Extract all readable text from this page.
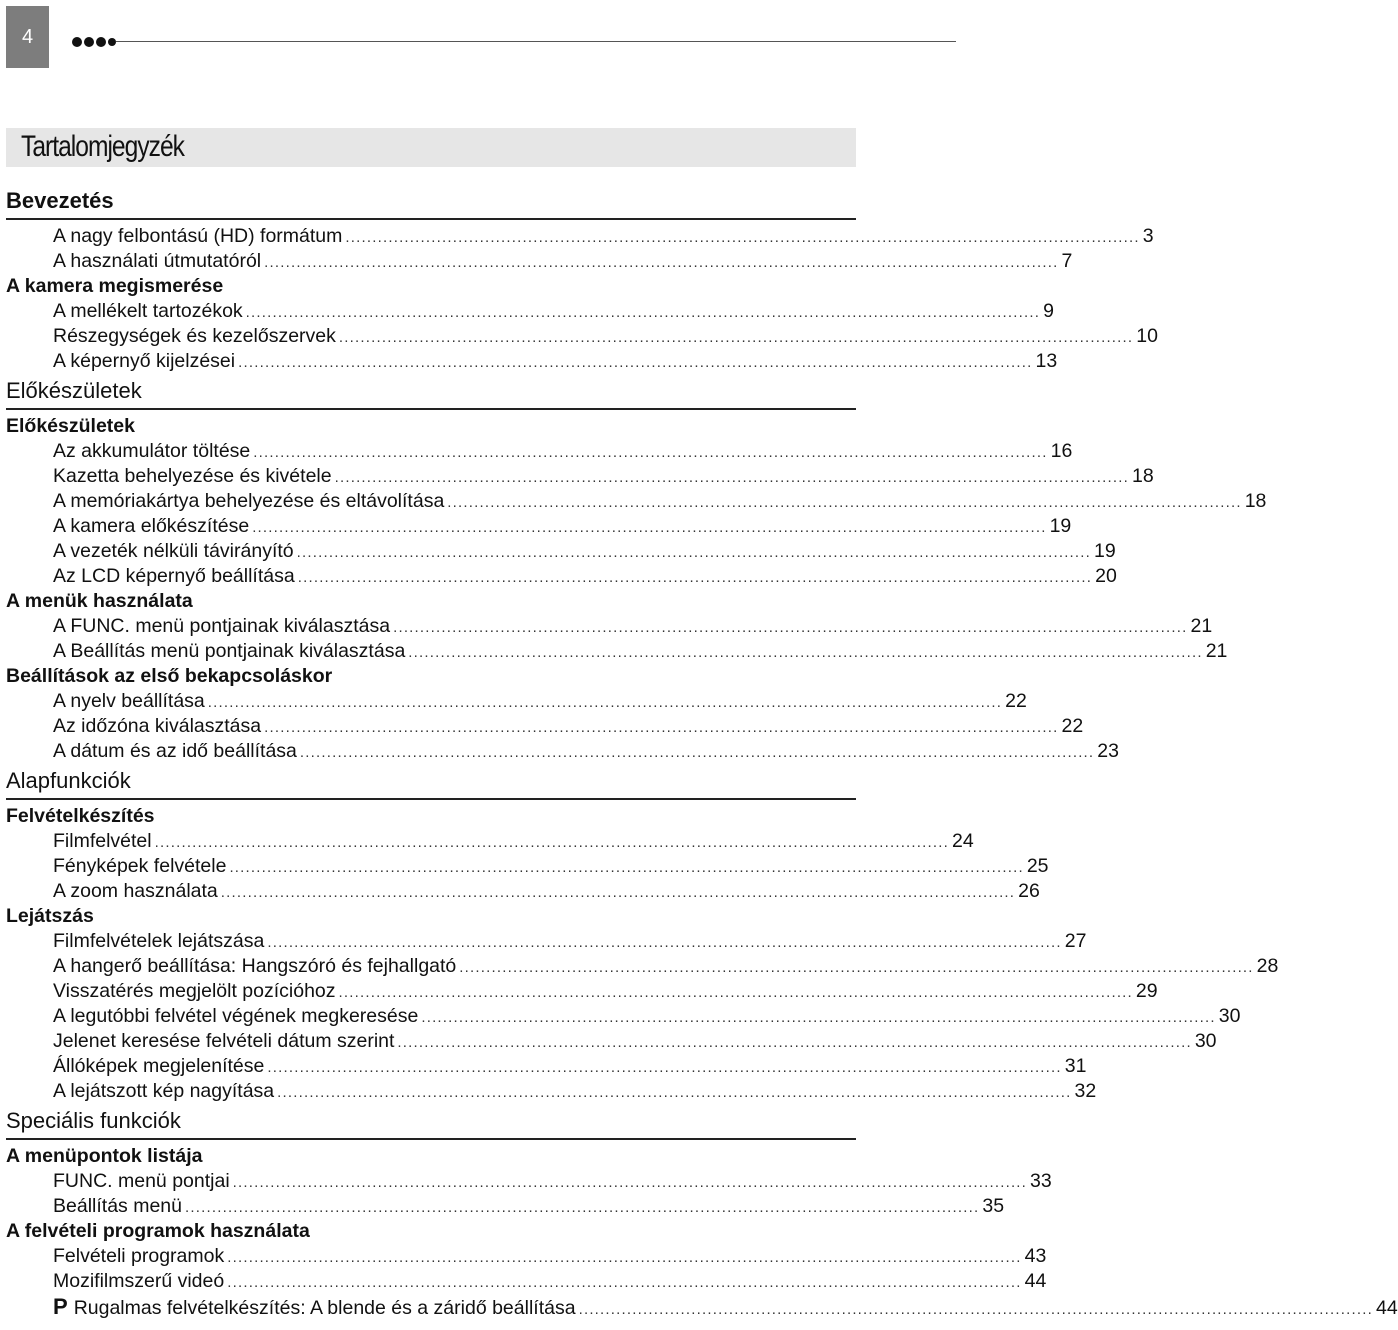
4
Tartalomjegyzék
Bevezetés
A nagy felbontású (HD) formátum .................................................................................................................................................... 3
A használati útmutatóról .................................................................................................................................................... 7
A kamera megismerése
A mellékelt tartozékok .................................................................................................................................................... 9
Részegységek és kezelőszervek .................................................................................................................................................... 10
A képernyő kijelzései .................................................................................................................................................... 13
Előkészületek
Előkészületek
Az akkumulátor töltése .................................................................................................................................................... 16
Kazetta behelyezése és kivétele .................................................................................................................................................... 18
A memóriakártya behelyezése és eltávolítása .................................................................................................................................................... 18
A kamera előkészítése .................................................................................................................................................... 19
A vezeték nélküli távirányító .................................................................................................................................................... 19
Az LCD képernyő beállítása .................................................................................................................................................... 20
A menük használata
A FUNC. menü pontjainak kiválasztása .................................................................................................................................................... 21
A Beállítás menü pontjainak kiválasztása .................................................................................................................................................... 21
Beállítások az első bekapcsoláskor
A nyelv beállítása .................................................................................................................................................... 22
Az időzóna kiválasztása .................................................................................................................................................... 22
A dátum és az idő beállítása .................................................................................................................................................... 23
Alapfunkciók
Felvételkészítés
Filmfelvétel .................................................................................................................................................... 24
Fényképek felvétele .................................................................................................................................................... 25
A zoom használata .................................................................................................................................................... 26
Lejátszás
Filmfelvételek lejátszása .................................................................................................................................................... 27
A hangerő beállítása: Hangszóró és fejhallgató .................................................................................................................................................... 28
Visszatérés megjelölt pozícióhoz .................................................................................................................................................... 29
A legutóbbi felvétel végének megkeresése .................................................................................................................................................... 30
Jelenet keresése felvételi dátum szerint .................................................................................................................................................... 30
Állóképek megjelenítése .................................................................................................................................................... 31
A lejátszott kép nagyítása .................................................................................................................................................... 32
Speciális funkciók
A menüpontok listája
FUNC. menü pontjai .................................................................................................................................................... 33
Beállítás menü .................................................................................................................................................... 35
A felvételi programok használata
Felvételi programok .................................................................................................................................................... 43
Mozifilmszerű videó .................................................................................................................................................... 44
P Rugalmas felvételkészítés: A blende és a záridő beállítása .................................................................................................................................................... 44
